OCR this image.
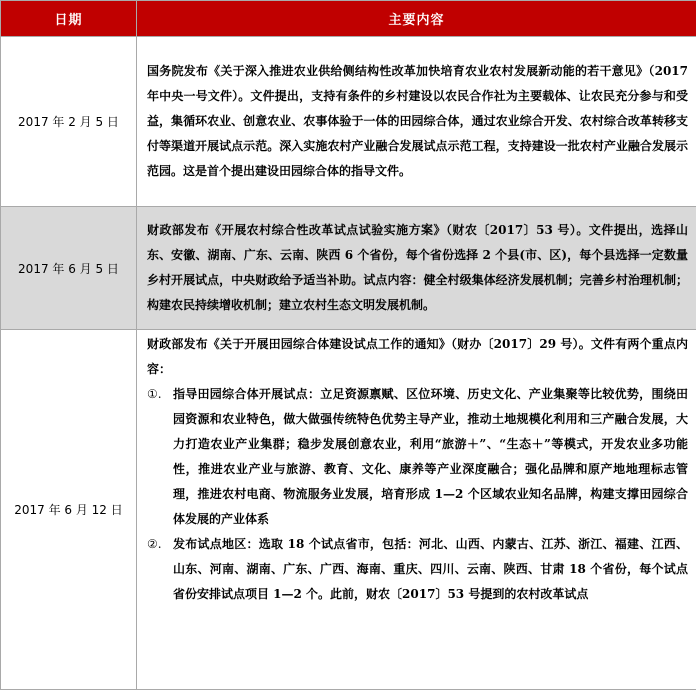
日期	主要内容
2017 年 2 月 5 日	国务院发布《关于深入推进农业供给侧结构性改革加快培育农业农村发展新动能的若干意见》（2017 年中央一号文件）。文件提出，支持有条件的乡村建设以农民合作社为主要载体、让农民充分参与和受益，集循环农业、创意农业、农事体验于一体的田园综合体，通过农业综合开发、农村综合改革转移支付等渠道开展试点示范。深入实施农村产业融合发展试点示范工程，支持建设一批农村产业融合发展示范园。这是首个提出建设田园综合体的指导文件。
2017 年 6 月 5 日	财政部发布《开展农村综合性改革试点试验实施方案》（财农〔2017〕53 号）。文件提出，选择山东、安徽、湖南、广东、云南、陕西 6 个省份，每个省份选择 2 个县(市、区)，每个县选择一定数量乡村开展试点，中央财政给予适当补助。试点内容：健全村级集体经济发展机制；完善乡村治理机制；构建农民持续增收机制；建立农村生态文明发展机制。
2017 年 6 月 12 日	财政部发布《关于开展田园综合体建设试点工作的通知》（财办〔2017〕29 号）。文件有两个重点内容：
①. 指导田园综合体开展试点：立足资源禀赋、区位环境、历史文化、产业集聚等比较优势，围绕田园资源和农业特色，做大做强传统特色优势主导产业，推动土地规模化利用和三产融合发展，大力打造农业产业集群；稳步发展创意农业，利用“旅游＋”、“生态＋”等模式，开发农业多功能性，推进农业产业与旅游、教育、文化、康养等产业深度融合；强化品牌和原产地地理标志管理，推进农村电商、物流服务业发展，培育形成 1—2 个区域农业知名品牌，构建支撑田园综合体发展的产业体系
②. 发布试点地区：选取 18 个试点省市，包括：河北、山西、内蒙古、江苏、浙江、福建、江西、山东、河南、湖南、广东、广西、海南、重庆、四川、云南、陕西、甘肃 18 个省份，每个试点省份安排试点项目 1—2 个。此前，财农〔2017〕53 号提到的农村改革试点
